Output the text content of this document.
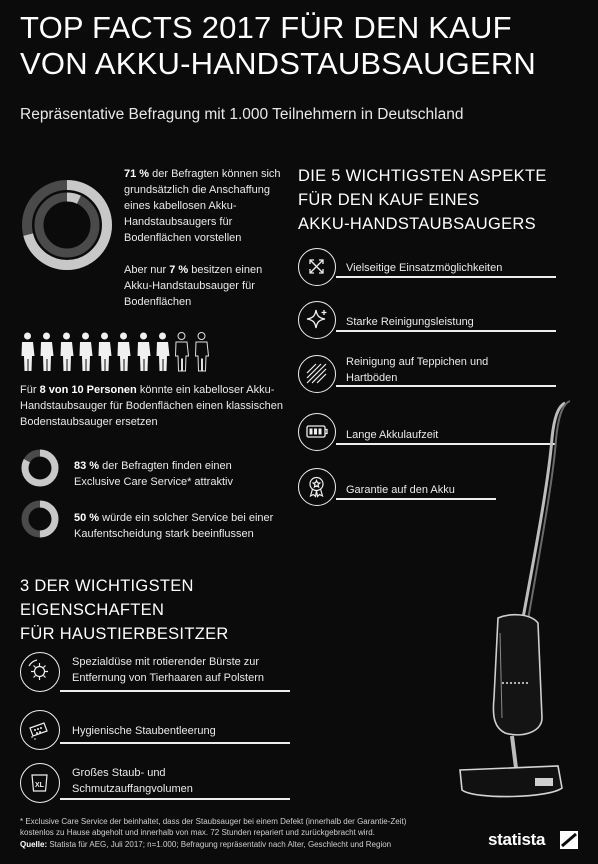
TOP FACTS 2017 FÜR DEN KAUF
VON AKKU-HANDSTAUBSAUGERN
Repräsentative Befragung mit 1.000 Teilnehmern in Deutschland
71 % der Befragten können sich grundsätzlich die Anschaffung eines kabellosen Akku-Handstaubsaugers für Bodenflächen vorstellen
Aber nur 7 % besitzen einen Akku-Handstaubsauger für Bodenflächen
Für 8 von 10 Personen könnte ein kabelloser Akku-Handstaubsauger für Bodenflächen einen klassischen Bodenstaubsauger ersetzen
83 % der Befragten finden einen Exclusive Care Service* attraktiv
50 % würde ein solcher Service bei einer Kaufentscheidung stark beeinflussen
DIE 5 WICHTIGSTEN ASPEKTE
FÜR DEN KAUF EINES
AKKU-HANDSTAUBSAUGERS
Vielseitige Einsatzmöglichkeiten
Starke Reinigungsleistung
Reinigung auf Teppichen und Hartböden
Lange Akkulaufzeit
Garantie auf den Akku
3 DER WICHTIGSTEN
EIGENSCHAFTEN
FÜR HAUSTIERBESITZER
Spezialdüse mit rotierender Bürste zur Entfernung von Tierhaaren auf Polstern
Hygienische Staubentleerung
XL
Großes Staub- und Schmutzauffangvolumen
* Exclusive Care Service der beinhaltet, dass der Staubsauger bei einem Defekt (innerhalb der Garantie-Zeit) kostenlos zu Hause abgeholt und innerhalb von max. 72 Stunden repariert und zurückgebracht wird.
Quelle: Statista für AEG, Juli 2017; n=1.000; Befragung repräsentativ nach Alter, Geschlecht und Region	statista
